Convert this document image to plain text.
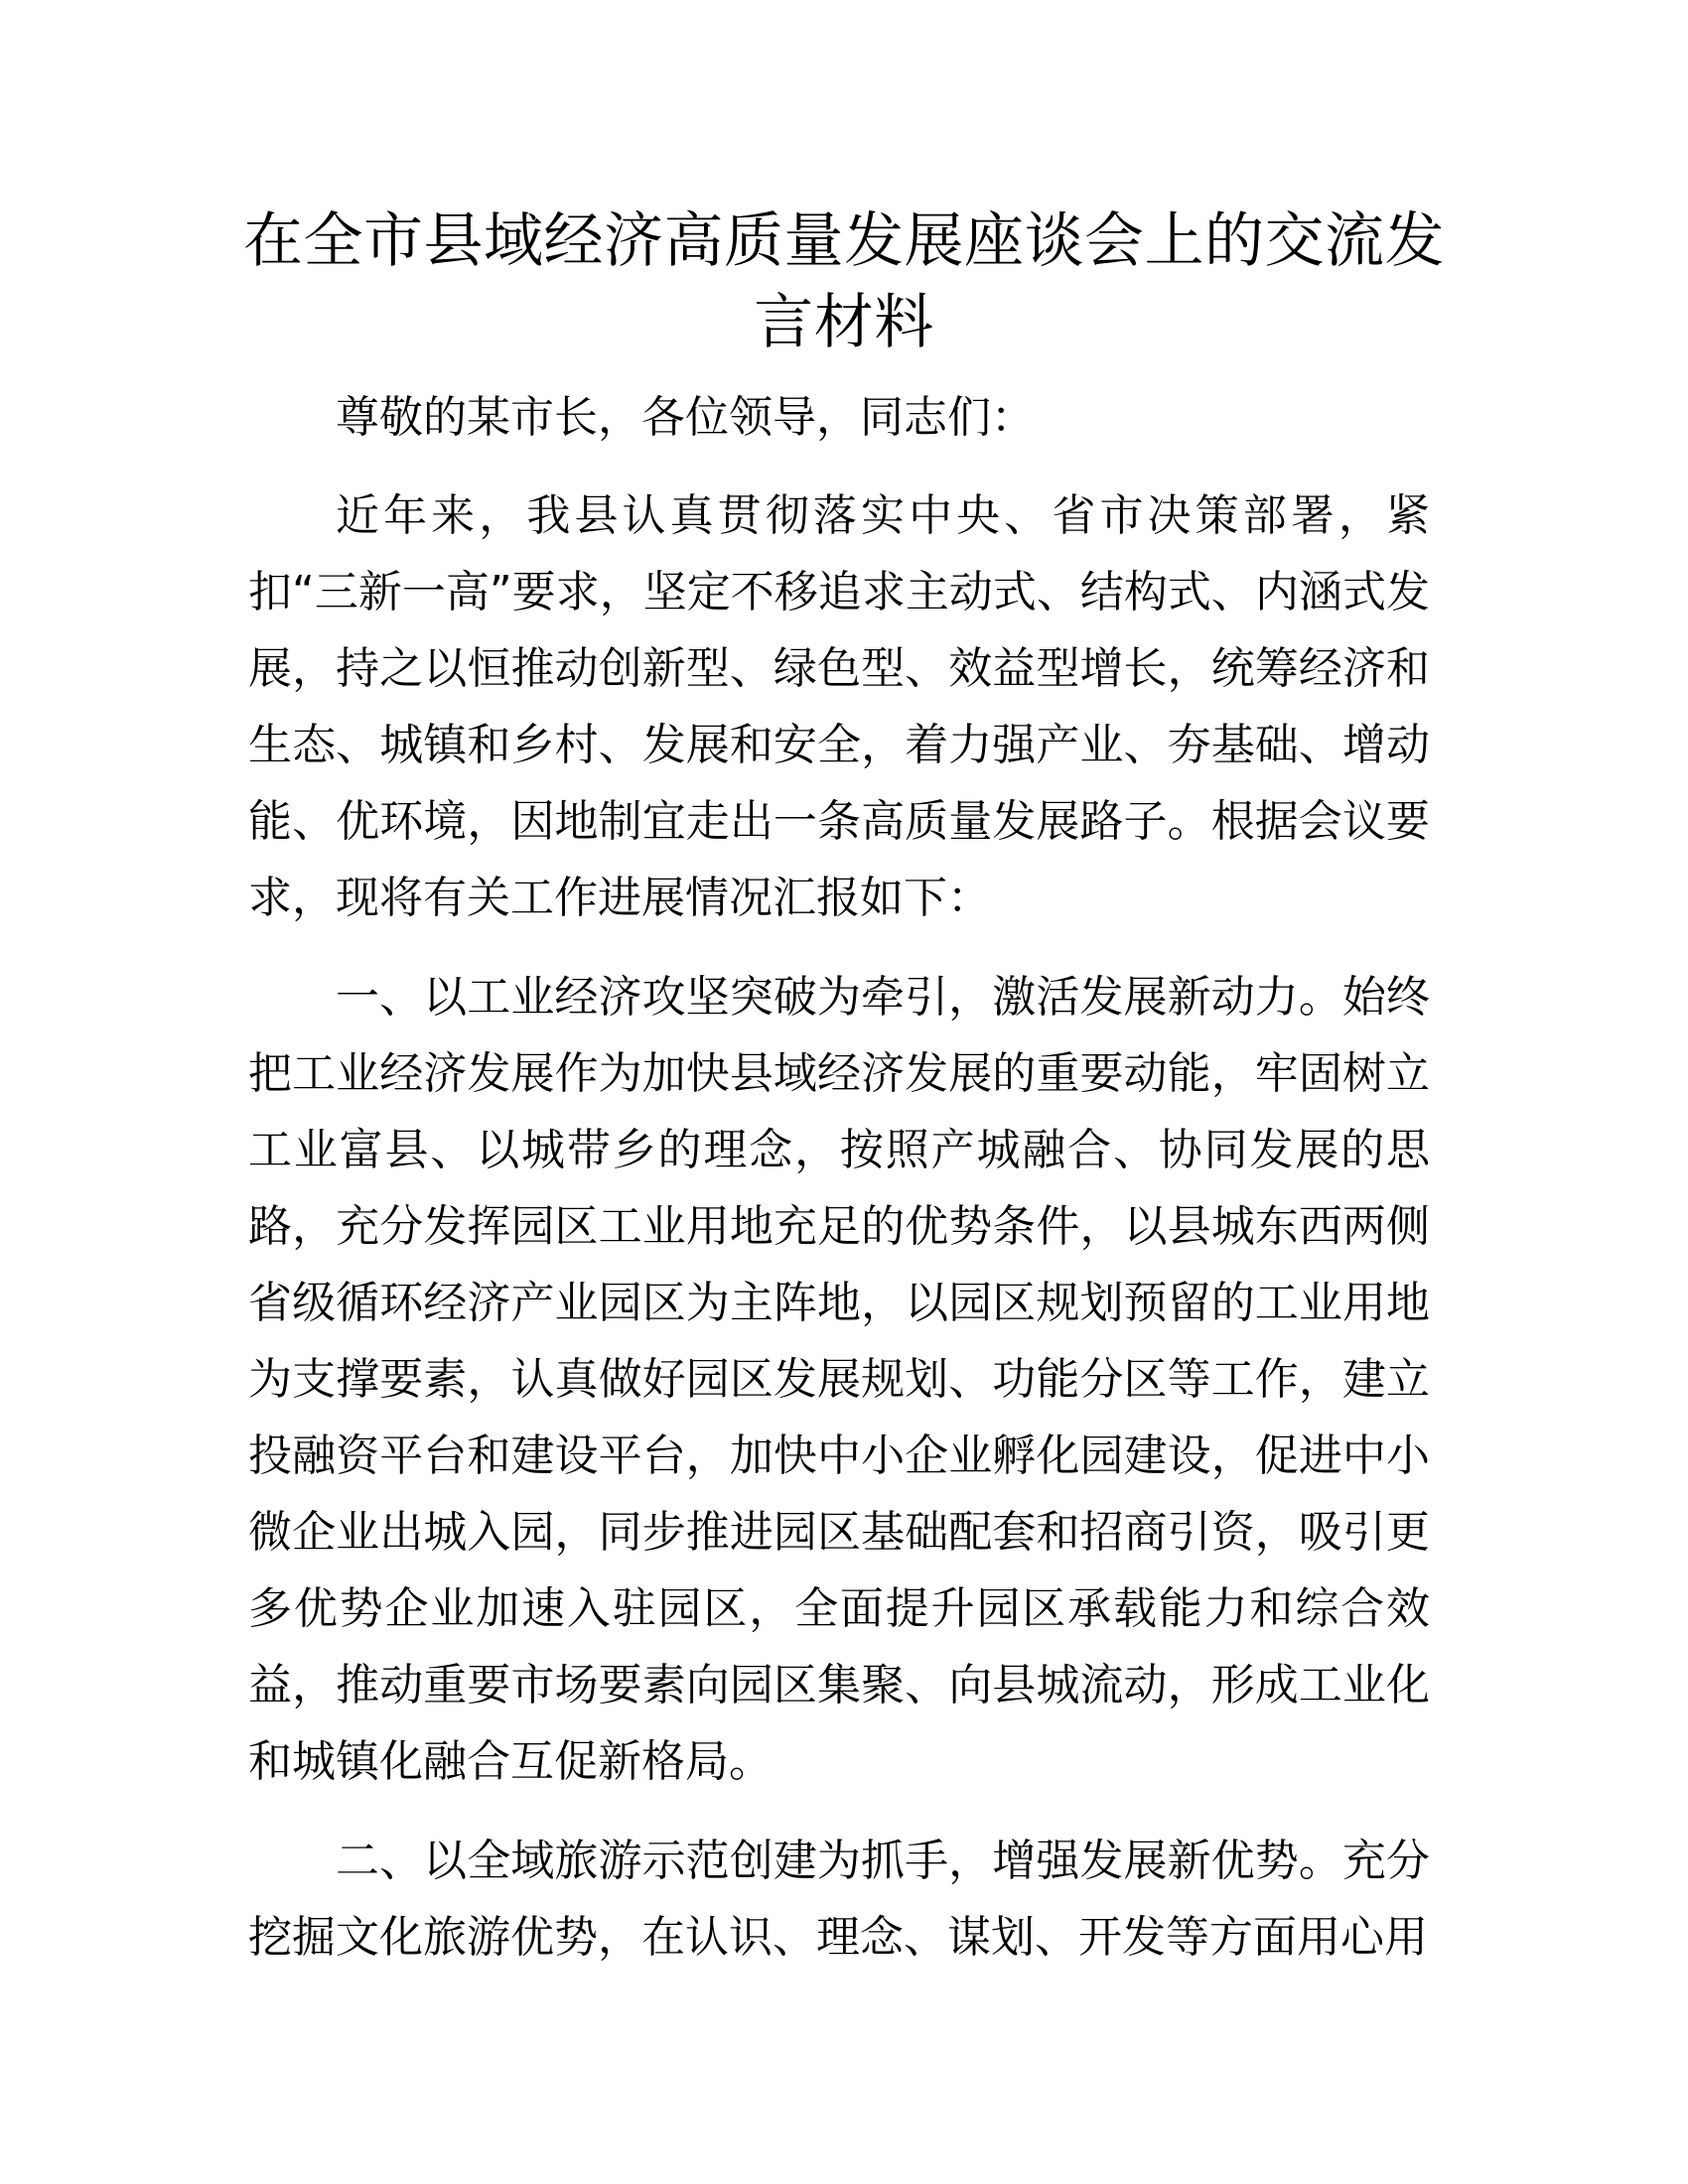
在全市县域经济高质量发展座谈会上的交流发言材料

尊敬的某市长，各位领导，同志们：

近年来，我县认真贯彻落实中央、省市决策部署，紧扣“三新一高”要求，坚定不移追求主动式、结构式、内涵式发展，持之以恒推动创新型、绿色型、效益型增长，统筹经济和生态、城镇和乡村、发展和安全，着力强产业、夯基础、增动能、优环境，因地制宜走出一条高质量发展路子。根据会议要求，现将有关工作进展情况汇报如下：

一、以工业经济攻坚突破为牵引，激活发展新动力。始终把工业经济发展作为加快县域经济发展的重要动能，牢固树立工业富县、以城带乡的理念，按照产城融合、协同发展的思路，充分发挥园区工业用地充足的优势条件，以县城东西两侧省级循环经济产业园区为主阵地，以园区规划预留的工业用地为支撑要素，认真做好园区发展规划、功能分区等工作，建立投融资平台和建设平台，加快中小企业孵化园建设，促进中小微企业出城入园，同步推进园区基础配套和招商引资，吸引更多优势企业加速入驻园区，全面提升园区承载能力和综合效益，推动重要市场要素向园区集聚、向县城流动，形成工业化和城镇化融合互促新格局。

二、以全域旅游示范创建为抓手，增强发展新优势。充分挖掘文化旅游优势，在认识、理念、谋划、开发等方面用心用
